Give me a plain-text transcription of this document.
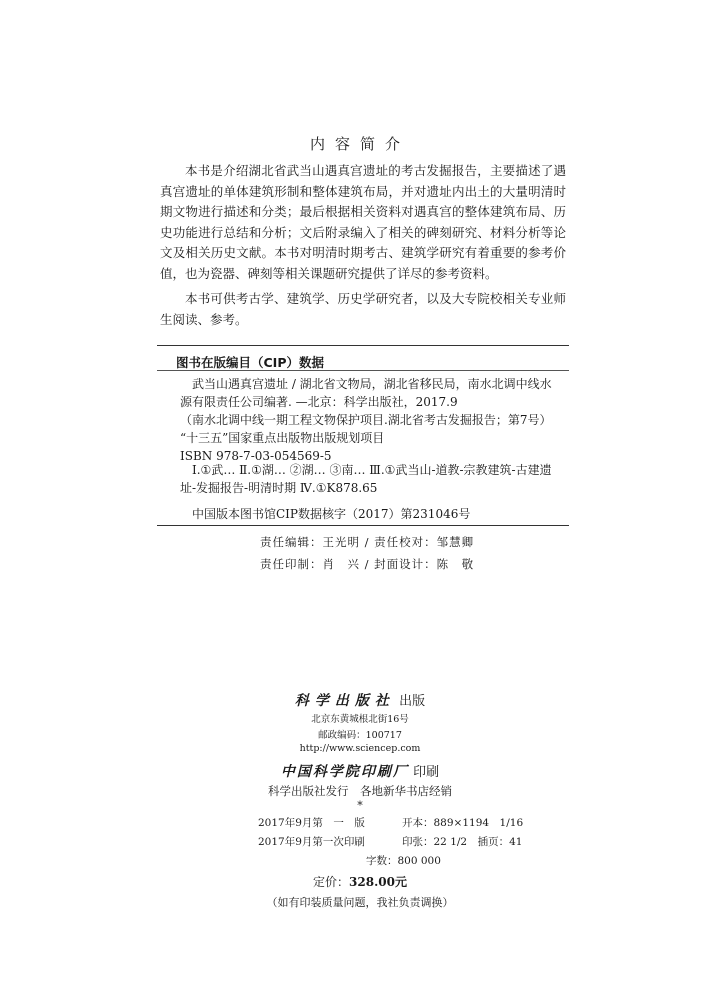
内容简介

本书是介绍湖北省武当山遇真宫遗址的考古发掘报告，主要描述了遇真宫遗址的单体建筑形制和整体建筑布局，并对遗址内出土的大量明清时期文物进行描述和分类；最后根据相关资料对遇真宫的整体建筑布局、历史功能进行总结和分析；文后附录编入了相关的碑刻研究、材料分析等论文及相关历史文献。本书对明清时期考古、建筑学研究有着重要的参考价值，也为瓷器、碑刻等相关课题研究提供了详尽的参考资料。

本书可供考古学、建筑学、历史学研究者，以及大专院校相关专业师生阅读、参考。

图书在版编目（CIP）数据
武当山遇真宫遗址 / 湖北省文物局，湖北省移民局，南水北调中线水源有限责任公司编著. —北京：科学出版社，2017.9
（南水北调中线一期工程文物保护项目.湖北省考古发掘报告；第7号）
“十三五”国家重点出版物出版规划项目
ISBN 978-7-03-054569-5
Ⅰ.①武… Ⅱ.①湖… ②湖… ③南… Ⅲ.①武当山-道教-宗教建筑-古建遗址-发掘报告-明清时期 Ⅳ.①K878.65
中国版本图书馆CIP数据核字（2017）第231046号
责任编辑：王光明 / 责任校对：邹慧卿
责任印制：肖　兴 / 封面设计：陈　敬
科学出版社 出版
北京东黄城根北街16号
邮政编码：100717
http://www.sciencep.com
中国科学院印刷厂 印刷
科学出版社发行　各地新华书店经销
*
2017年9月第　一　版	开本：889×1194　1/16
2017年9月第一次印刷	印张：22 1/2　插页：41
字数：800 000
定价：328.00元
（如有印装质量问题，我社负责调换）
